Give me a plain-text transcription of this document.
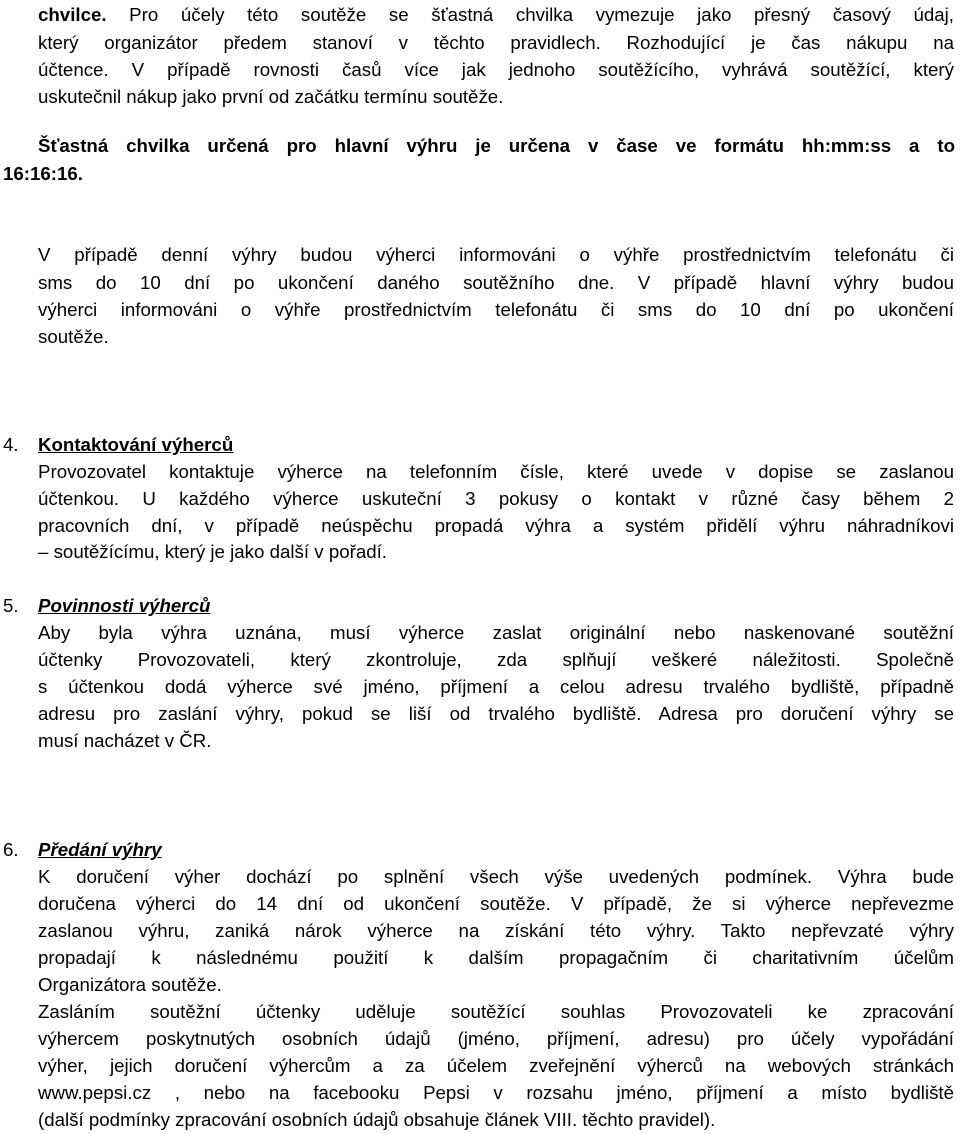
chvilce. Pro účely této soutěže se šťastná chvilka vymezuje jako přesný časový údaj,
který organizátor předem stanoví v těchto pravidlech. Rozhodující je čas nákupu na
účtence. V případě rovnosti časů více jak jednoho soutěžícího, vyhrává soutěžící, který
uskutečnil nákup jako první od začátku termínu soutěže.
Šťastná chvilka určená pro hlavní výhru je určena v čase ve formátu hh:mm:ss a to
16:16:16.
V případě denní výhry budou výherci informováni o výhře prostřednictvím telefonátu či
sms do 10 dní po ukončení daného soutěžního dne. V případě hlavní výhry budou
výherci informováni o výhře prostřednictvím telefonátu či sms do 10 dní po ukončení
soutěže.
4. Kontaktování výherců
Provozovatel kontaktuje výherce na telefonním čísle, které uvede v dopise se zaslanou
účtenkou. U každého výherce uskuteční 3 pokusy o kontakt v různé časy během 2
pracovních dní, v případě neúspěchu propadá výhra a systém přidělí výhru náhradníkovi
– soutěžícímu, který je jako další v pořadí.
5. Povinnosti výherců
Aby byla výhra uznána, musí výherce zaslat originální nebo naskenované soutěžní
účtenky Provozovateli, který zkontroluje, zda splňují veškeré náležitosti. Společně
s účtenkou dodá výherce své jméno, příjmení a celou adresu trvalého bydliště, případně
adresu pro zaslání výhry, pokud se liší od trvalého bydliště. Adresa pro doručení výhry se
musí nacházet v ČR.
6. Předání výhry
K doručení výher dochází po splnění všech výše uvedených podmínek. Výhra bude
doručena výherci do 14 dní od ukončení soutěže. V případě, že si výherce nepřevezme
zaslanou výhru, zaniká nárok výherce na získání této výhry. Takto nepřevzaté výhry
propadají k následnému použití k dalším propagačním či charitativním účelům
Organizátora soutěže.
Zasláním soutěžní účtenky uděluje soutěžící souhlas Provozovateli ke zpracování
výhercem poskytnutých osobních údajů (jméno, příjmení, adresu) pro účely vypořádání
výher, jejich doručení výhercům a za účelem zveřejnění výherců na webových stránkách
www.pepsi.cz , nebo na facebooku Pepsi v rozsahu jméno, příjmení a místo bydliště
(další podmínky zpracování osobních údajů obsahuje článek VIII. těchto pravidel).
